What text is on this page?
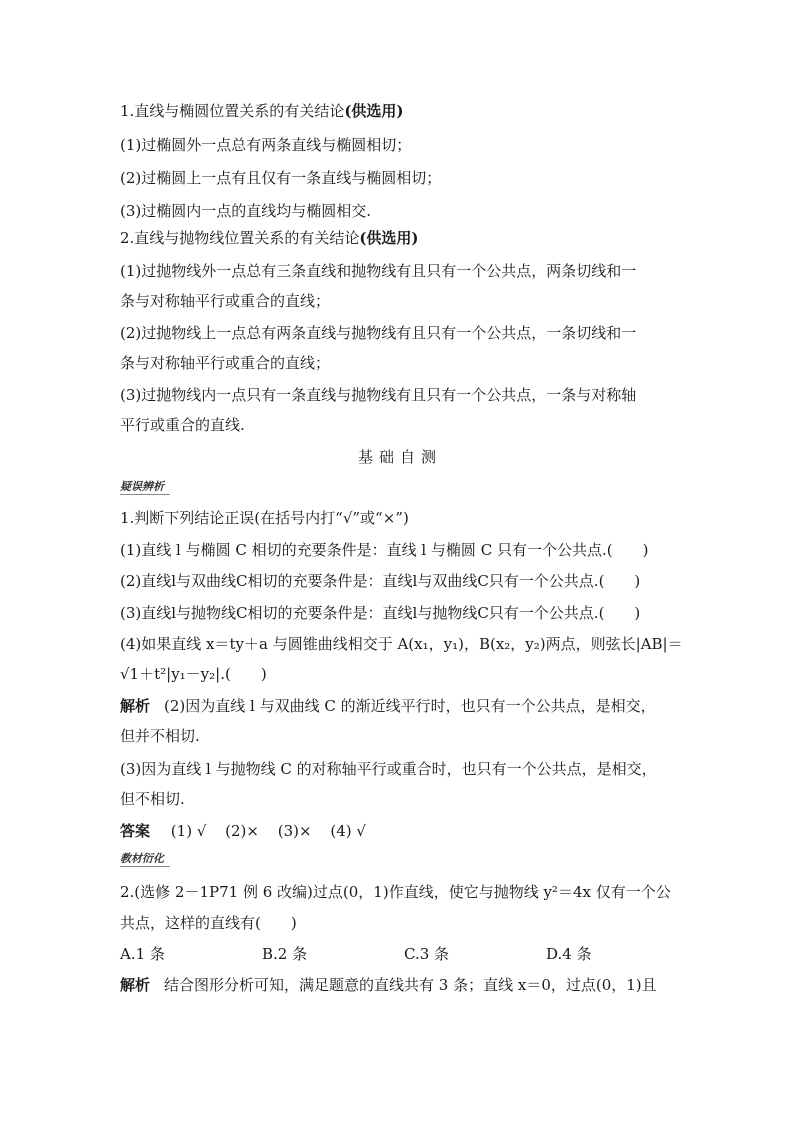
1.直线与椭圆位置关系的有关结论(供选用)
(1)过椭圆外一点总有两条直线与椭圆相切；
(2)过椭圆上一点有且仅有一条直线与椭圆相切；
(3)过椭圆内一点的直线均与椭圆相交.
2.直线与抛物线位置关系的有关结论(供选用)
(1)过抛物线外一点总有三条直线和抛物线有且只有一个公共点，两条切线和一
条与对称轴平行或重合的直线；
(2)过抛物线上一点总有两条直线与抛物线有且只有一个公共点，一条切线和一
条与对称轴平行或重合的直线；
(3)过抛物线内一点只有一条直线与抛物线有且只有一个公共点，一条与对称轴
平行或重合的直线.
基础自测
疑误辨析
1.判断下列结论正误(在括号内打“√”或“×”)
(1)直线 l 与椭圆 C 相切的充要条件是：直线 l 与椭圆 C 只有一个公共点.(　　)
(2)直线l与双曲线C相切的充要条件是：直线l与双曲线C只有一个公共点.(　　)
(3)直线l与抛物线C相切的充要条件是：直线l与抛物线C只有一个公共点.(　　)
(4)如果直线 x＝ty＋a 与圆锥曲线相交于 A(x₁，y₁)，B(x₂，y₂)两点，则弦长|AB|＝
√1＋t²|y₁－y₂|.(　　)
解析 (2)因为直线 l 与双曲线 C 的渐近线平行时，也只有一个公共点，是相交，
但并不相切.
(3)因为直线 l 与抛物线 C 的对称轴平行或重合时，也只有一个公共点，是相交，
但不相切.
答案 (1) √ (2)× (3)× (4) √
教材衍化
2.(选修 2－1P71 例 6 改编)过点(0，1)作直线，使它与抛物线 y²＝4x 仅有一个公
共点，这样的直线有(　　)
A.1 条	B.2 条	C.3 条	D.4 条
解析 结合图形分析可知，满足题意的直线共有 3 条；直线 x＝0，过点(0，1)且
